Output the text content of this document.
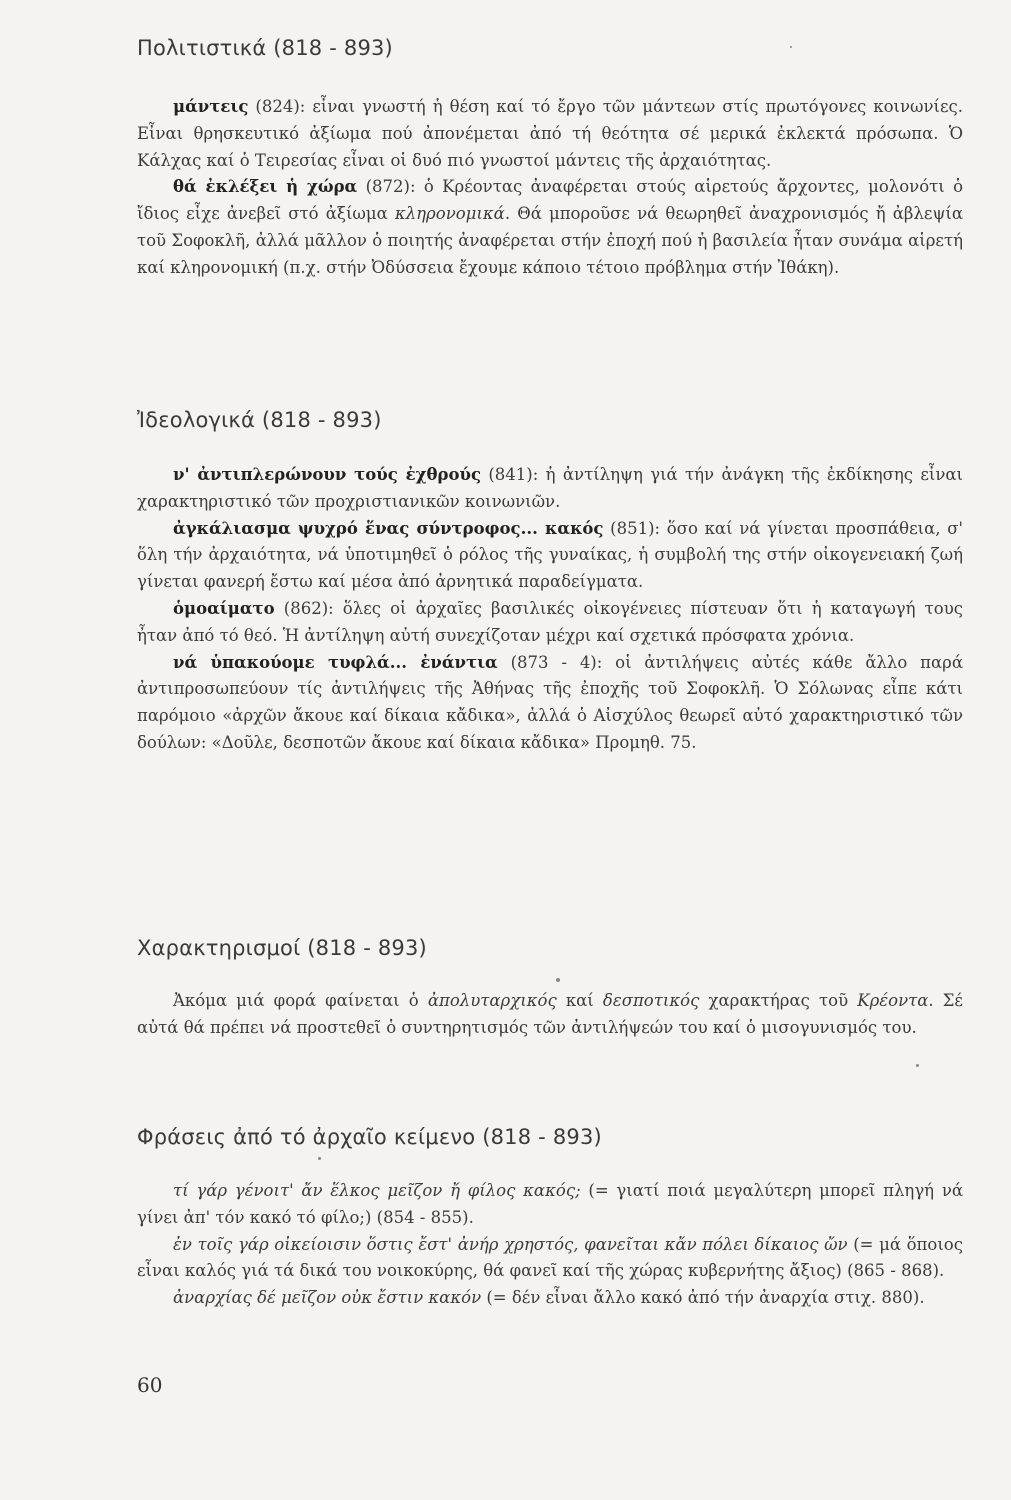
Πολιτιστικά (818 - 893)

μάντεις (824): εἶναι γνωστή ἡ θέση καί τό ἔργο τῶν μάντεων στίς πρωτόγονες κοινωνίες. Εἶναι θρησκευτικό ἀξίωμα πού ἀπονέμεται ἀπό τή θεότητα σέ μερικά ἐκλεκτά πρόσωπα. Ὁ Κάλχας καί ὁ Τειρεσίας εἶναι οἱ δυό πιό γνωστοί μάντεις τῆς ἀρχαιότητας.

θά ἐκλέξει ἡ χώρα (872): ὁ Κρέοντας ἀναφέρεται στούς αἱρετούς ἄρχοντες, μολονότι ὁ ἴδιος εἶχε ἀνεβεῖ στό ἀξίωμα κληρονομικά. Θά μποροῦσε νά θεωρηθεῖ ἀναχρονισμός ἤ ἀβλεψία τοῦ Σοφοκλῆ, ἀλλά μᾶλλον ὁ ποιητής ἀναφέρεται στήν ἐποχή πού ἡ βασιλεία ἦταν συνάμα αἱρετή καί κληρονομική (π.χ. στήν Ὀδύσσεια ἔχουμε κάποιο τέτοιο πρόβλημα στήν Ἰθάκη).

Ἰδεολογικά (818 - 893)

ν' ἀντιπλερώνουν τούς ἐχθρούς (841): ἡ ἀντίληψη γιά τήν ἀνάγκη τῆς ἐκδίκησης εἶναι χαρακτηριστικό τῶν προχριστιανικῶν κοινωνιῶν.

ἀγκάλιασμα ψυχρό ἕνας σύντροφος... κακός (851): ὅσο καί νά γίνεται προσπάθεια, σ' ὅλη τήν ἀρχαιότητα, νά ὑποτιμηθεῖ ὁ ρόλος τῆς γυναίκας, ἡ συμβολή της στήν οἰκογενειακή ζωή γίνεται φανερή ἔστω καί μέσα ἀπό ἀρνητικά παραδείγματα.

ὁμοαίματο (862): ὅλες οἱ ἀρχαῖες βασιλικές οἰκογένειες πίστευαν ὅτι ἡ καταγωγή τους ἦταν ἀπό τό θεό. Ἡ ἀντίληψη αὐτή συνεχίζοταν μέχρι καί σχετικά πρόσφατα χρόνια.

νά ὑπακούομε τυφλά... ἐνάντια (873 - 4): οἱ ἀντιλήψεις αὐτές κάθε ἄλλο παρά ἀντιπροσωπεύουν τίς ἀντιλήψεις τῆς Ἀθήνας τῆς ἐποχῆς τοῦ Σοφοκλῆ. Ὁ Σόλωνας εἶπε κάτι παρόμοιο «ἀρχῶν ἄκουε καί δίκαια κἄδικα», ἀλλά ὁ Αἰσχύλος θεωρεῖ αὐτό χαρακτηριστικό τῶν δούλων: «Δοῦλε, δεσποτῶν ἄκουε καί δίκαια κἄδικα» Προμηθ. 75.

Χαρακτηρισμοί (818 - 893)

Ἀκόμα μιά φορά φαίνεται ὁ ἀπολυταρχικός καί δεσποτικός χαρακτήρας τοῦ Κρέοντα. Σέ αὐτά θά πρέπει νά προστεθεῖ ὁ συντηρητισμός τῶν ἀντιλήψεών του καί ὁ μισογυνισμός του.

Φράσεις ἀπό τό ἀρχαῖο κείμενο (818 - 893)

τί γάρ γένοιτ' ἄν ἕλκος μεῖζον ἤ φίλος κακός; (= γιατί ποιά μεγαλύτερη μπορεῖ πληγή νά γίνει ἀπ' τόν κακό τό φίλο;) (854 - 855).

ἐν τοῖς γάρ οἰκείοισιν ὅστις ἔστ' ἀνήρ χρηστός, φανεῖται κἄν πόλει δίκαιος ὤν (= μά ὅποιος εἶναι καλός γιά τά δικά του νοικοκύρης, θά φανεῖ καί τῆς χώρας κυβερνήτης ἄξιος) (865 - 868).

ἀναρχίας δέ μεῖζον οὐκ ἔστιν κακόν (= δέν εἶναι ἄλλο κακό ἀπό τήν ἀναρχία στιχ. 880).

60
